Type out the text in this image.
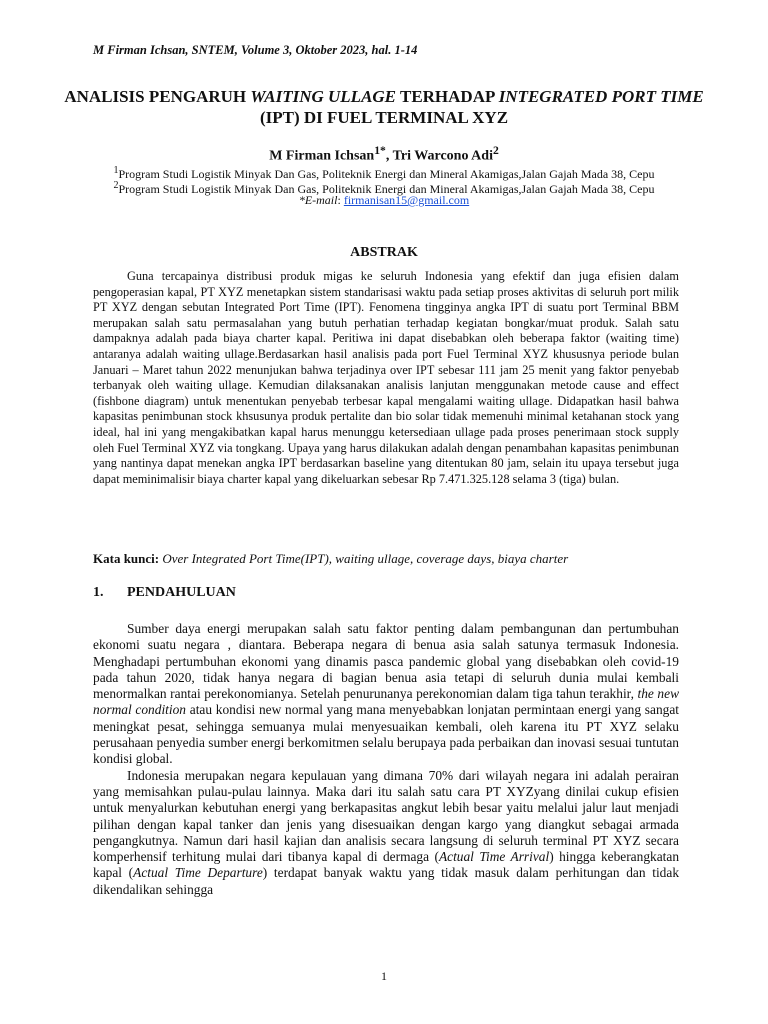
M Firman Ichsan, SNTEM, Volume 3, Oktober 2023, hal. 1-14
ANALISIS PENGARUH WAITING ULLAGE TERHADAP INTEGRATED PORT TIME (IPT) DI FUEL TERMINAL XYZ
M Firman Ichsan$^{1*}$, Tri Warcono Adi$^2$
$^1$Program Studi Logistik Minyak Dan Gas, Politeknik Energi dan Mineral Akamigas,Jalan Gajah Mada 38, Cepu
$^2$Program Studi Logistik Minyak Dan Gas, Politeknik Energi dan Mineral Akamigas,Jalan Gajah Mada 38, Cepu
*E-mail: firmanisan15@gmail.com
ABSTRAK

Guna tercapainya distribusi produk migas ke seluruh Indonesia yang efektif dan juga efisien dalam pengoperasian kapal, PT XYZ menetapkan sistem standarisasi waktu pada setiap proses aktivitas di seluruh port milik PT XYZ dengan sebutan Integrated Port Time (IPT). Fenomena tingginya angka IPT di suatu port Terminal BBM merupakan salah satu permasalahan yang butuh perhatian terhadap kegiatan bongkar/muat produk. Salah satu dampaknya adalah pada biaya charter kapal. Peritiwa ini dapat disebabkan oleh beberapa faktor (waiting time) antaranya adalah waiting ullage.Berdasarkan hasil analisis pada port Fuel Terminal XYZ khususnya periode bulan Januari – Maret tahun 2022 menunjukan bahwa terjadinya over IPT sebesar 111 jam 25 menit yang faktor penyebab terbanyak oleh waiting ullage. Kemudian dilaksanakan analisis lanjutan menggunakan metode cause and effect (fishbone diagram) untuk menentukan penyebab terbesar kapal mengalami waiting ullage. Didapatkan hasil bahwa kapasitas penimbunan stock khsusunya produk pertalite dan bio solar tidak memenuhi minimal ketahanan stock yang ideal, hal ini yang mengakibatkan kapal harus menunggu ketersediaan ullage pada proses penerimaan stock supply oleh Fuel Terminal XYZ via tongkang. Upaya yang harus dilakukan adalah dengan penambahan kapasitas penimbunan yang nantinya dapat menekan angka IPT berdasarkan baseline yang ditentukan 80 jam, selain itu upaya tersebut juga dapat meminimalisir biaya charter kapal yang dikeluarkan sebesar Rp 7.471.325.128 selama 3 (tiga) bulan.

Kata kunci: Over Integrated Port Time(IPT), waiting ullage, coverage days, biaya charter
1. PENDAHULUAN

Sumber daya energi merupakan salah satu faktor penting dalam pembangunan dan pertumbuhan ekonomi suatu negara , diantara. Beberapa negara di benua asia salah satunya termasuk Indonesia. Menghadapi pertumbuhan ekonomi yang dinamis pasca pandemic global yang disebabkan oleh covid-19 pada tahun 2020, tidak hanya negara di bagian benua asia tetapi di seluruh dunia mulai kembali menormalkan rantai perekonomianya. Setelah penurunanya perekonomian dalam tiga tahun terakhir, the new normal condition atau kondisi new normal yang mana menyebabkan lonjatan permintaan energi yang sangat meningkat pesat, sehingga semuanya mulai menyesuaikan kembali, oleh karena itu PT XYZ selaku perusahaan penyedia sumber energi berkomitmen selalu berupaya pada perbaikan dan inovasi sesuai tuntutan kondisi global.

Indonesia merupakan negara kepulauan yang dimana 70% dari wilayah negara ini adalah perairan yang memisahkan pulau-pulau lainnya. Maka dari itu salah satu cara PT XYZyang dinilai cukup efisien untuk menyalurkan kebutuhan energi yang berkapasitas angkut lebih besar yaitu melalui jalur laut menjadi pilihan dengan kapal tanker dan jenis yang disesuaikan dengan kargo yang diangkut sebagai armada pengangkutnya. Namun dari hasil kajian dan analisis secara langsung di seluruh terminal PT XYZ secara komperhensif terhitung mulai dari tibanya kapal di dermaga (Actual Time Arrival) hingga keberangkatan kapal (Actual Time Departure) terdapat banyak waktu yang tidak masuk dalam perhitungan dan tidak dikendalikan sehingga

1
